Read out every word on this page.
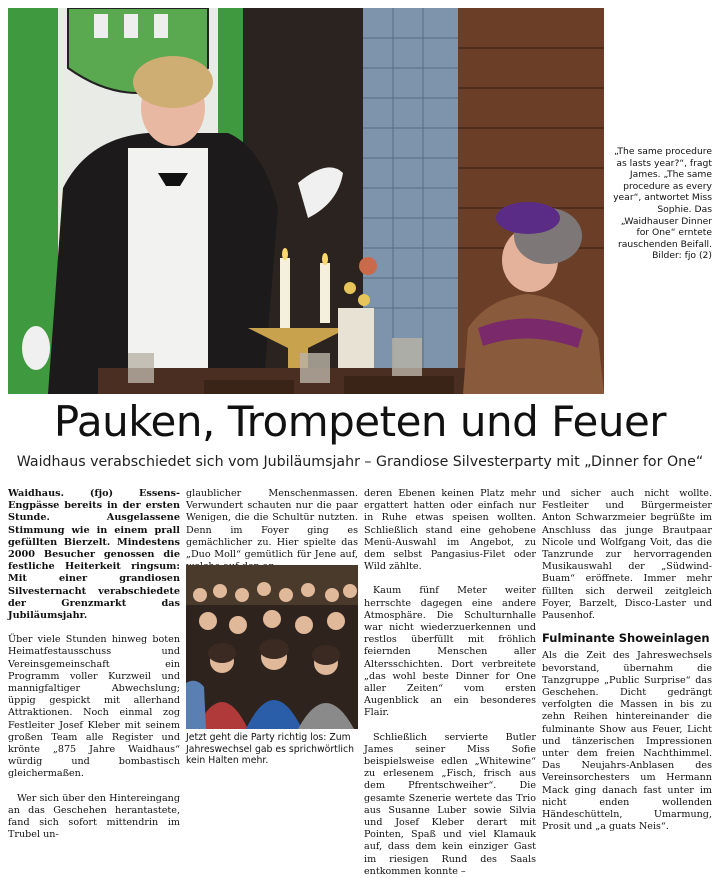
„The same procedure as lasts year?“, fragt James. „The same procedure as every year“, antwortet Miss Sophie. Das „Waidhauser Dinner for One“ erntete rauschenden Beifall.
Bilder: fjo (2)
Pauken, Trompeten und Feuer

Waidhaus verabschiedet sich vom Jubiläumsjahr – Grandiose Silvesterparty mit „Dinner for One“

Waidhaus.	(fjo) Essens-Engpässe bereits in der ersten Stunde. Ausgelassene Stimmung wie in einem prall gefüllten Bierzelt. Mindestens 2000 Besucher genossen die festliche Heiterkeit ringsum: Mit einer grandiosen Silvesternacht verabschiedete der Grenzmarkt das Jubiläumsjahr.

Über viele Stunden hinweg boten Heimatfestausschuss und Vereinsgemeinschaft ein Programm voller Kurzweil und mannigfaltiger Abwechslung; üppig gespickt mit allerhand Attraktionen. Noch einmal zog Festleiter Josef Kleber mit seinem großen Team alle Register und krönte „875 Jahre Waidhaus“ würdig und bombastisch gleichermaßen.

Wer sich über den Hintereingang an das Geschehen herantastete, fand sich sofort mittendrin im Trubel un-

glaublicher Menschenmassen. Verwundert schauten nur die paar Wenigen, die die Schultür nutzten. Denn im Foyer ging es gemächlicher zu. Hier spielte das „Duo Moll“ gemütlich für Jene auf,

Jetzt geht die Party richtig los: Zum Jahreswechsel gab es sprichwörtlich kein Halten mehr.

deren Ebenen keinen Platz mehr ergattert hatten oder einfach nur in Ruhe etwas speisen wollten. Schließlich stand eine gehobene Menü-Auswahl im Angebot, zu dem selbst Pangasius-Filet oder Wild zählte.

Kaum fünf Meter weiter herrschte dagegen eine andere Atmosphäre. Die Schulturnhalle war nicht wiederzuerkennen und restlos überfüllt mit fröhlich feiernden Menschen aller Altersschichten. Dort verbreitete „das wohl beste Dinner for One aller Zeiten“ vom ersten Augenblick an ein besonderes Flair.

Schließlich servierte Butler James seiner Miss Sofie beispielsweise edlen „Whitewine“ zu erlesenem „Fisch, frisch aus dem Pfrentschweiher“. Die gesamte Szenerie wertete das Trio aus Susanne Luber sowie Silvia und Josef Kleber derart mit Pointen, Spaß und viel Klamauk auf, dass dem kein einziger Gast im riesigen Rund des Saals entkommen konnte –

und sicher auch nicht wollte. Festleiter und Bürgermeister Anton Schwarzmeier begrüßte im Anschluss das junge Brautpaar Nicole und Wolfgang Voit, das die Tanzrunde zur hervorragenden Musikauswahl der „Südwind-Buam“ eröffnete. Immer mehr füllten sich derweil zeitgleich Foyer, Barzelt, Disco-Laster und Pausenhof.

Fulminante Showeinlagen

Als die Zeit des Jahreswechsels bevorstand, übernahm die Tanzgruppe „Public Surprise“ das Geschehen. Dicht gedrängt verfolgten die Massen in bis zu zehn Reihen hintereinander die fulminante Show aus Feuer, Licht und tänzerischen Impressionen unter dem freien Nachthimmel. Das Neujahrs-Anblasen des Vereinsorchesters um Hermann Mack ging danach fast unter im nicht enden wollenden Händeschütteln, Umarmung, Prosit und „a guats Neis“.
